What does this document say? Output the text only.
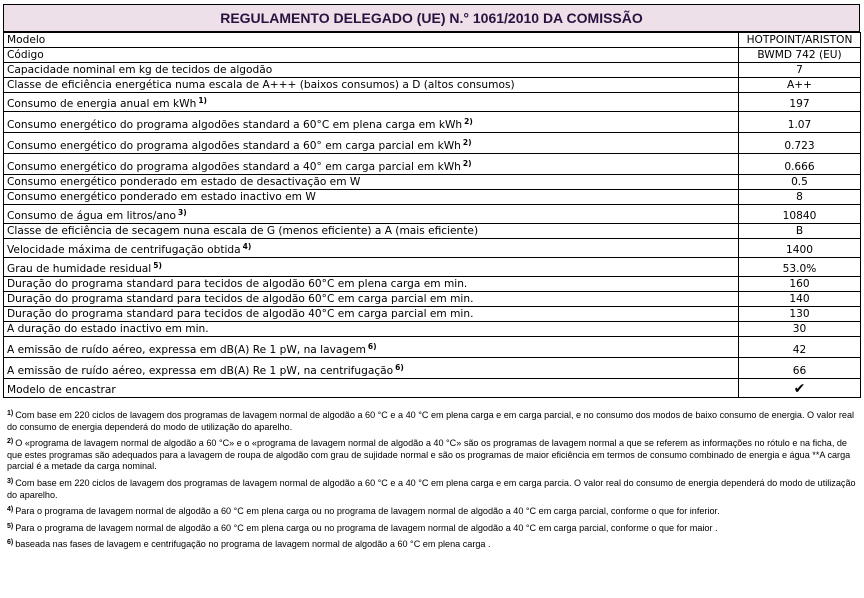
REGULAMENTO DELEGADO (UE) N.° 1061/2010 DA COMISSÃO
Modelo	HOTPOINT/ARISTON
Código	BWMD 742 (EU)
Capacidade nominal em kg de tecidos de algodão	7
Classe de eficiência energética numa escala de A+++ (baixos consumos) a D (altos consumos)	A++
Consumo de energia anual em kWh $^{1)}$	197
Consumo energético do programa algodões standard a 60°C em plena carga em kWh $^{2)}$	1.07
Consumo energético do programa algodões standard a 60° em carga parcial em kWh $^{2)}$	0.723
Consumo energético do programa algodões standard a 40° em carga parcial em kWh $^{2)}$	0.666
Consumo energético ponderado em estado de desactivação em W	0.5
Consumo energético ponderado em estado inactivo em W	8
Consumo de água em litros/ano $^{3)}$	10840
Classe de eficiência de secagem nuna escala de G (menos eficiente) a A (mais eficiente)	B
Velocidade máxima de centrifugação obtida $^{4)}$	1400
Grau de humidade residual $^{5)}$	53.0%
Duração do programa standard para tecidos de algodão 60°C em plena carga em min.	160
Duração do programa standard para tecidos de algodão 60°C em carga parcial em min.	140
Duração do programa standard para tecidos de algodão 40°C em carga parcial em min.	130
A duração do estado inactivo em min.	30
A emissão de ruído aéreo, expressa em dB(A) Re 1 pW, na lavagem $^{6)}$	42
A emissão de ruído aéreo, expressa em dB(A) Re 1 pW, na centrifugação $^{6)}$	66
Modelo de encastrar	✔
$^{1)}$ Com base em 220 ciclos de lavagem dos programas de lavagem normal de algodão a 60 °C e a 40 °C em plena carga e em carga parcial, e no consumo dos modos de baixo consumo de energia. O valor real do consumo de energia dependerá do modo de utilização do aparelho.
$^{2)}$ O «programa de lavagem normal de algodão a 60 °C» e o «programa de lavagem normal de algodão a 40 °C» são os programas de lavagem normal a que se referem as informações no rótulo e na ficha, de que estes programas são adequados para a lavagem de roupa de algodão com grau de sujidade normal e são os programas de maior eficiência em termos de consumo combinado de energia e água **A carga parcial é a metade da carga nominal.
$^{3)}$ Com base em 220 ciclos de lavagem dos programas de lavagem normal de algodão a 60 °C e a 40 °C em plena carga e em carga parcia. O valor real do consumo de energia dependerá do modo de utilização do aparelho.
$^{4)}$ Para o programa de lavagem normal de algodão a 60 °C em plena carga ou no programa de lavagem normal de algodão a 40 °C em carga parcial, conforme o que for inferior.
$^{5)}$ Para o programa de lavagem normal de algodão a 60 °C em plena carga ou no programa de lavagem normal de algodão a 40 °C em carga parcial, conforme o que for maior .
$^{6)}$ baseada nas fases de lavagem e centrifugação no programa de lavagem normal de algodão a 60 °C em plena carga .
